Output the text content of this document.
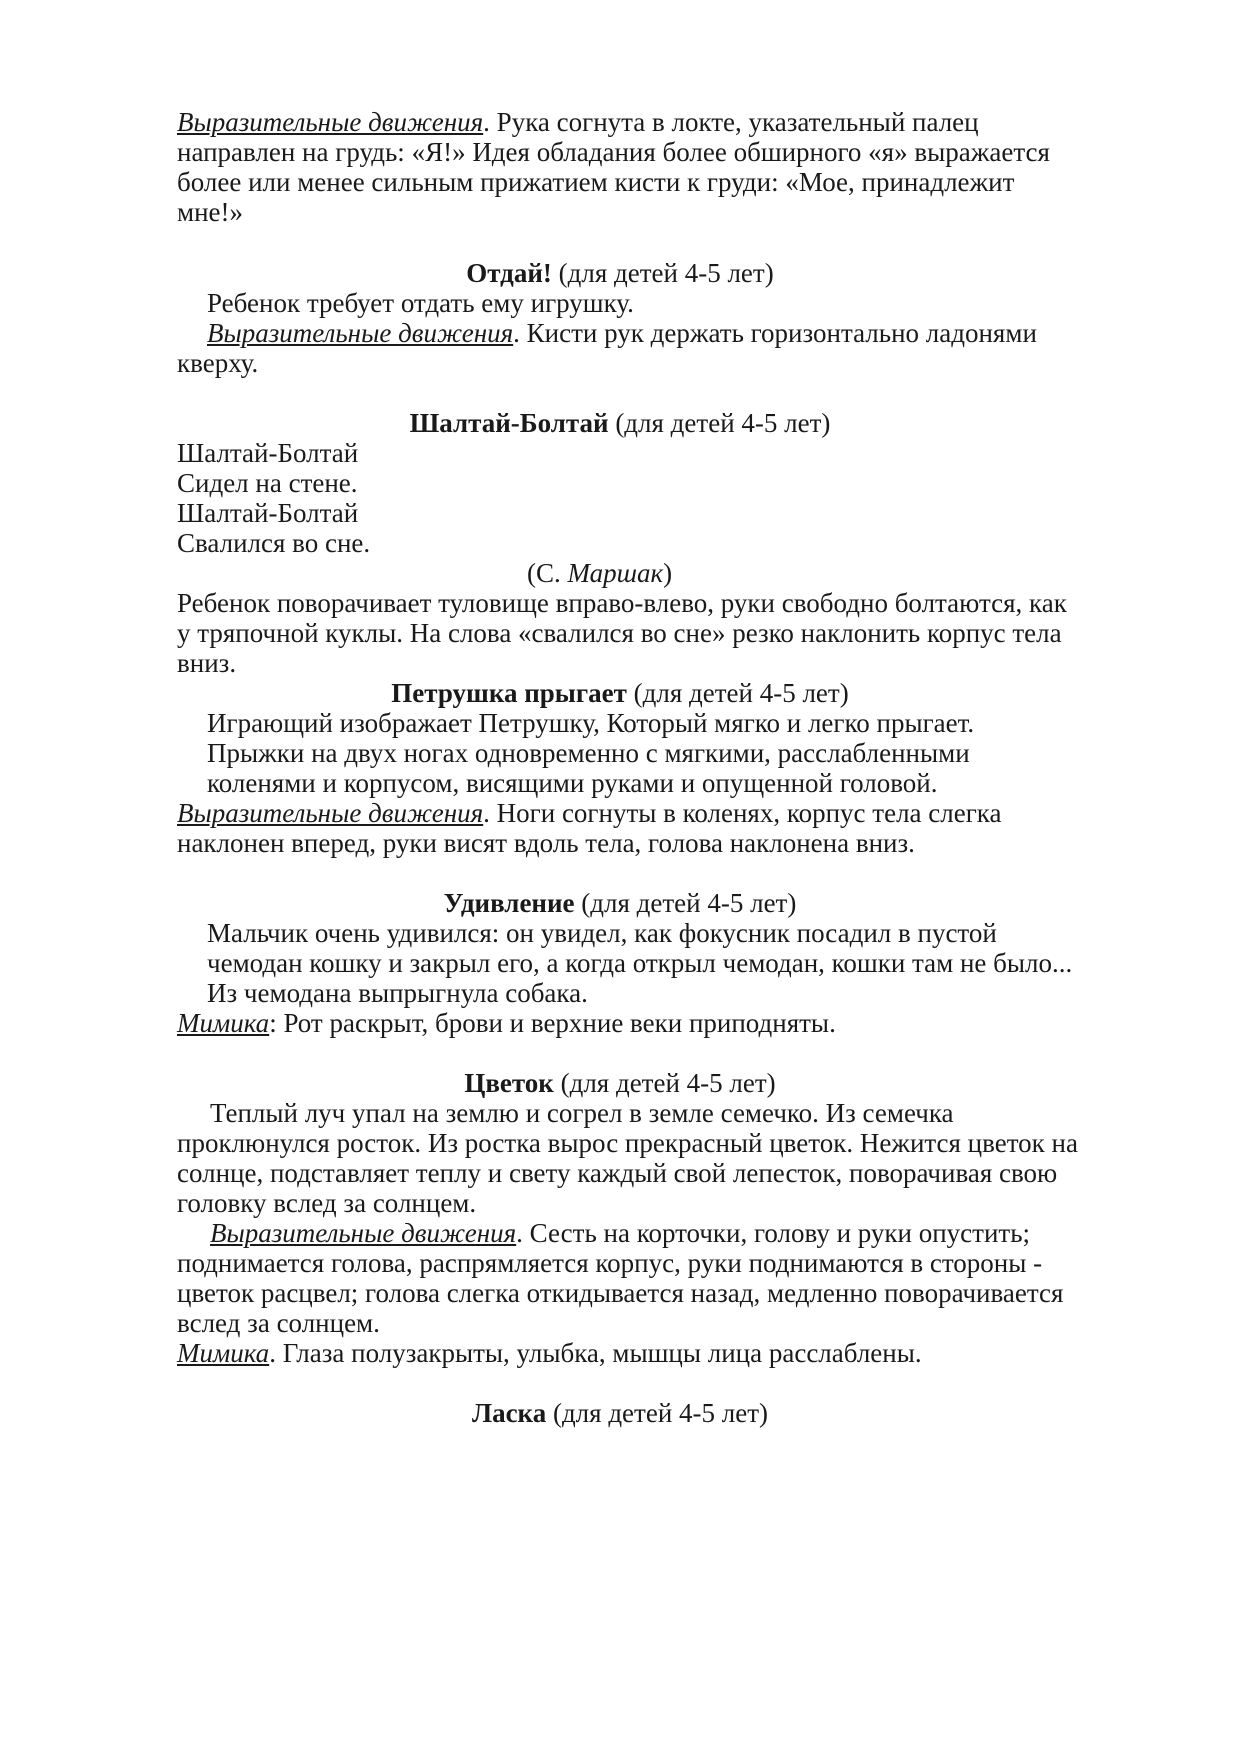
Выразительные движения. Рука согнута в локте, указательный палец

направлен на грудь: «Я!» Идея обладания более обширного «я» выражается

более или менее сильным прижатием кисти к груди: «Мое, принадлежит

мне!»

Отдай! (для детей 4-5 лет)

Ребенок требует отдать ему игрушку.

Выразительные движения. Кисти рук держать горизонтально ладонями

кверху.

Шалтай-Болтай (для детей 4-5 лет)

Шалтай-Болтай

Сидел на стене.

Шалтай-Болтай

Свалился во сне.

(С. Маршак)

Ребенок поворачивает туловище вправо-влево, руки свободно болтаются, как

у тряпочной куклы. На слова «свалился во сне» резко наклонить корпус тела

вниз.

Петрушка прыгает (для детей 4-5 лет)

Играющий изображает Петрушку, Который мягко и легко прыгает.

Прыжки на двух ногах одновременно с мягкими, расслабленными

коленями и корпусом, висящими руками и опущенной головой.

Выразительные движения. Ноги согнуты в коленях, корпус тела слегка

наклонен вперед, руки висят вдоль тела, голова наклонена вниз.

Удивление (для детей 4-5 лет)

Мальчик очень удивился: он увидел, как фокусник посадил в пустой

чемодан кошку и закрыл его, а когда открыл чемодан, кошки там не было...

Из чемодана выпрыгнула собака.

Мимика: Рот раскрыт, брови и верхние веки приподняты.

Цветок (для детей 4-5 лет)

Теплый луч упал на землю и согрел в земле семечко. Из семечка

проклюнулся росток. Из ростка вырос прекрасный цветок. Нежится цветок на

солнце, подставляет теплу и свету каждый свой лепесток, поворачивая свою

головку вслед за солнцем.

Выразительные движения. Сесть на корточки, голову и руки опустить;

поднимается голова, распрямляется корпус, руки поднимаются в стороны -

цветок расцвел; голова слегка откидывается назад, медленно поворачивается

вслед за солнцем.

Мимика. Глаза полузакрыты, улыбка, мышцы лица расслаблены.

Ласка (для детей 4-5 лет)
